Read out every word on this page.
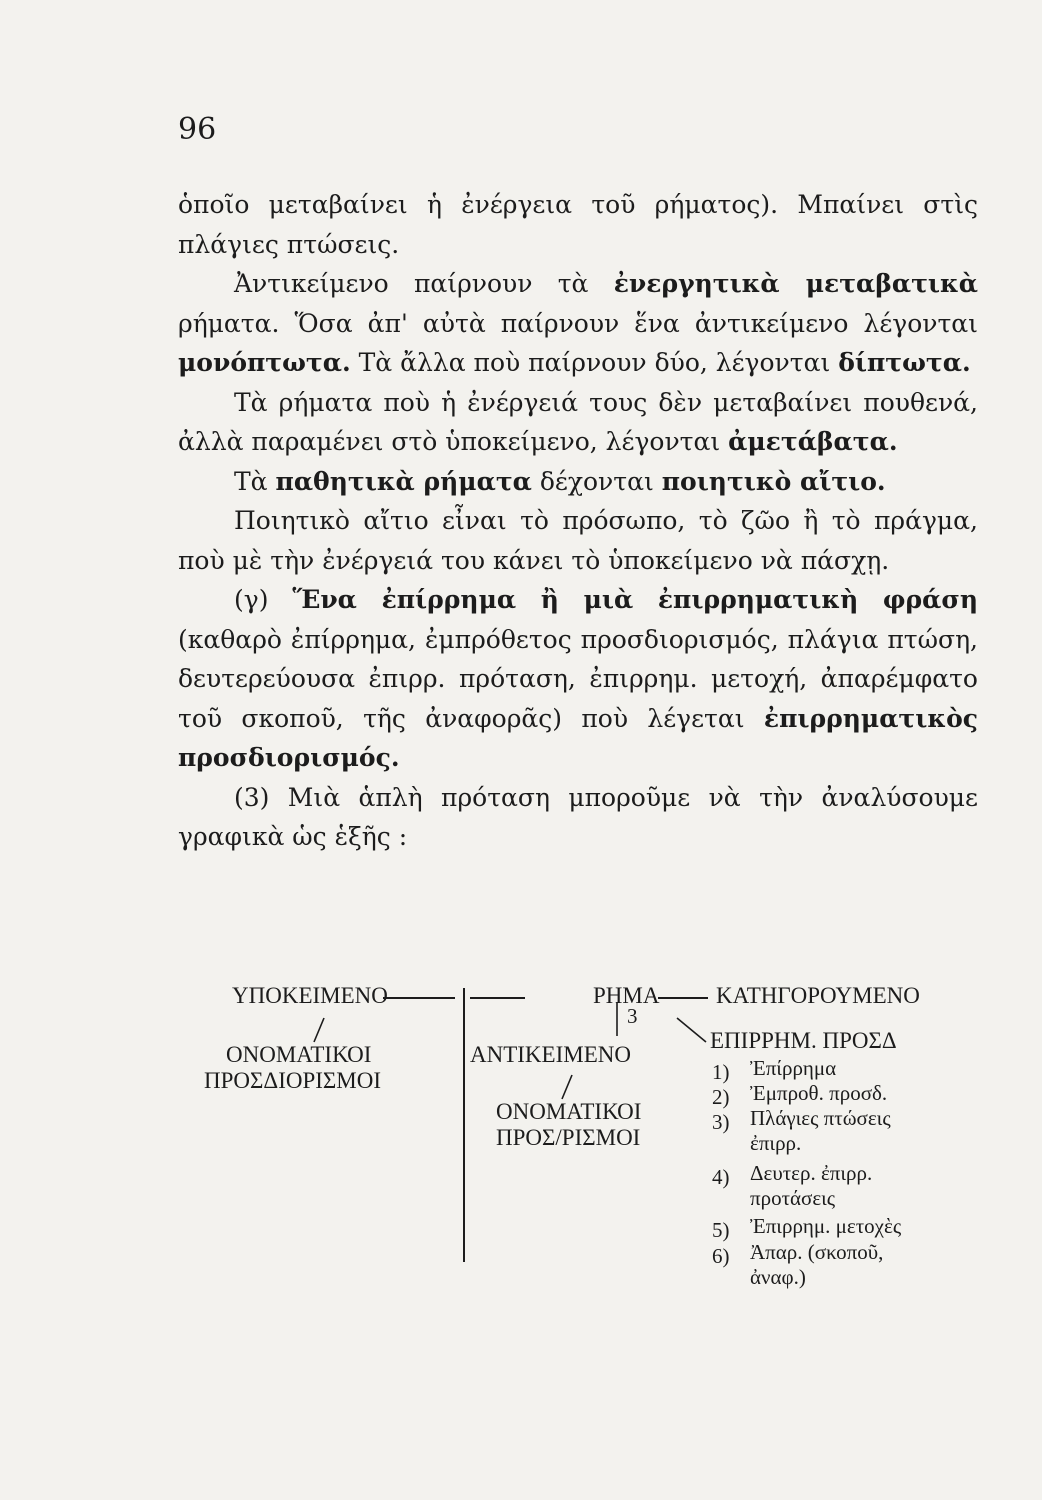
96

ὁποῖο μεταβαίνει ἡ ἐνέργεια τοῦ ρήματος). Μπαίνει στὶς πλάγιες πτώσεις.

Ἀντικείμενο παίρνουν τὰ ἐνεργητικὰ μεταβατικὰ ρήματα. Ὅσα ἀπ' αὐτὰ παίρνουν ἕνα ἀντικείμενο λέγονται μονόπτωτα. Τὰ ἄλλα ποὺ παίρνουν δύο, λέγονται δίπτωτα.

Τὰ ρήματα ποὺ ἡ ἐνέργειά τους δὲν μεταβαίνει πουθενά, ἀλλὰ παραμένει στὸ ὑποκείμενο, λέγονται ἀμετάβατα.

Τὰ παθητικὰ ρήματα δέχονται ποιητικὸ αἴτιο.

Ποιητικὸ αἴτιο εἶναι τὸ πρόσωπο, τὸ ζῶο ἢ τὸ πράγμα, ποὺ μὲ τὴν ἐνέργειά του κάνει τὸ ὑποκείμενο νὰ πάσχῃ.

(γ) Ἕνα ἐπίρρημα ἢ μιὰ ἐπιρρηματικὴ φράση (καθαρὸ ἐπίρρημα, ἐμπρόθετος προσδιορισμός, πλάγια πτώση, δευτερεύουσα ἐπιρρ. πρόταση, ἐπιρρημ. μετοχή, ἀπαρέμφατο τοῦ σκοποῦ, τῆς ἀναφορᾶς) ποὺ λέγεται ἐπιρρηματικὸς προσδιορισμός.

(3) Μιὰ ἁπλὴ πρόταση μποροῦμε νὰ τὴν ἀναλύσουμε γραφικὰ ὡς ἑξῆς :

ΥΠΟΚΕΙΜΕΝΟ	ΡΗΜΑ ΚΑΤΗΓΟΡΟΥΜΕΝΟ
3
ΟΝΟΜΑΤΙΚΟΙ
ΠΡΟΣΔΙΟΡΙΣΜΟΙ
ΑΝΤΙΚΕΙΜΕΝΟ
ΟΝΟΜΑΤΙΚΟΙ
ΠΡΟΣ/ΡΙΣΜΟΙ
ΕΠΙΡΡΗΜ. ΠΡΟΣΔ
1) Ἐπίρρημα
2) Ἐμπροθ. προσδ.
3) Πλάγιες πτώσεις
ἐπιρρ.
4) Δευτερ. ἐπιρρ.
προτάσεις
5) Ἐπιρρημ. μετοχὲς
6) Ἀπαρ. (σκοποῦ,
ἀναφ.)
